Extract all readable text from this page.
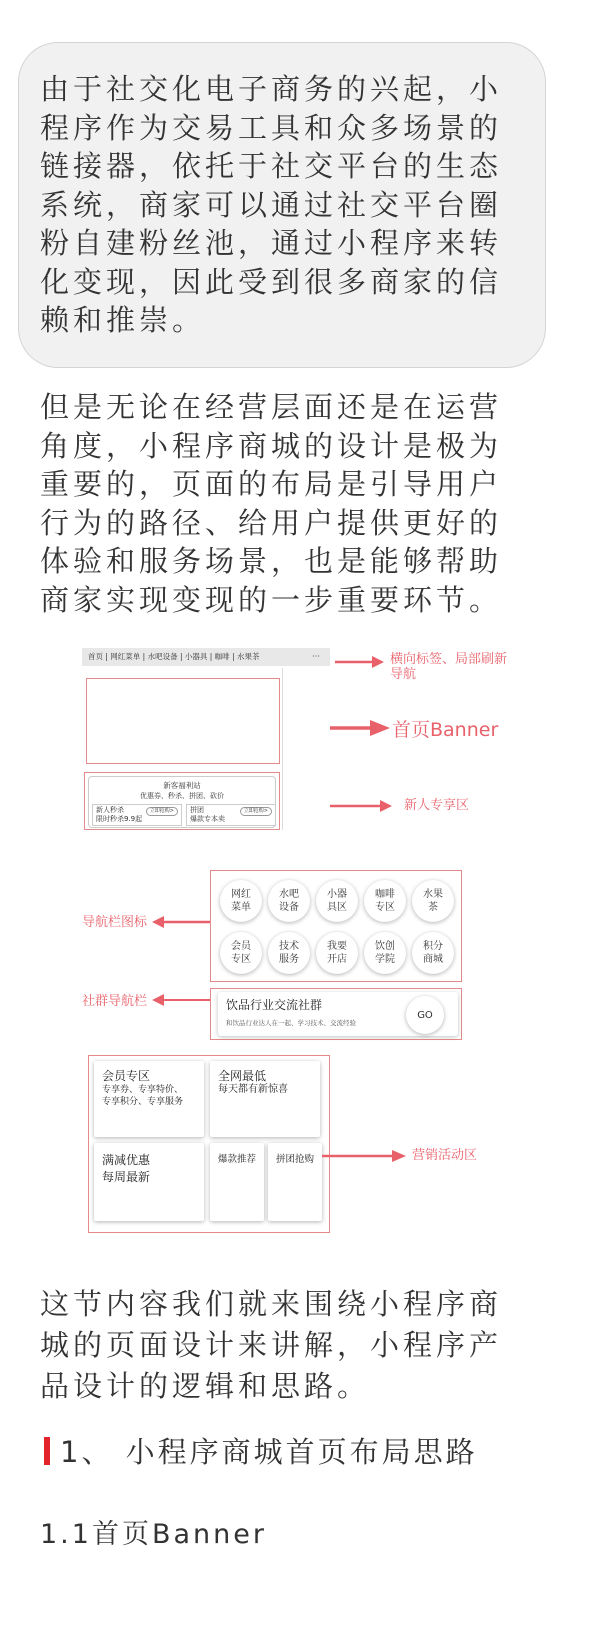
由于社交化电子商务的兴起，小
程序作为交易工具和众多场景的
链接器，依托于社交平台的生态
系统，商家可以通过社交平台圈
粉自建粉丝池，通过小程序来转
化变现，因此受到很多商家的信
赖和推崇。
但是无论在经营层面还是在运营
角度，小程序商城的设计是极为
重要的，页面的布局是引导用户
行为的路径、给用户提供更好的
体验和服务场景，也是能够帮助
商家实现变现的一步重要环节。
首页 | 网红菜单 | 水吧设备 | 小器具 | 咖啡 | 水果茶	···
新客福利站
优惠券、秒杀、拼团、砍价
新人秒杀
限时秒杀9.9起
立即抢购>	拼团
爆款专本卖
立即抢购>
横向标签、局部刷新
导航
首页Banner
新人专享区
网红
菜单
水吧
设备
小器
具区
咖啡
专区
水果
茶
会员
专区
技术
服务
我要
开店
饮创
学院
积分
商城
饮品行业交流社群
和饮品行业达人在一起、学习技术、交流经验
GO
导航栏图标
社群导航栏
会员专区
专享券、专享特价、
专享积分、专享服务
全网最低
每天都有新惊喜
满减优惠
每周最新
爆款推荐	拼团抢购	营销活动区
这节内容我们就来围绕小程序商
城的页面设计来讲解，小程序产
品设计的逻辑和思路。
1、 小程序商城首页布局思路
1.1首页Banner
